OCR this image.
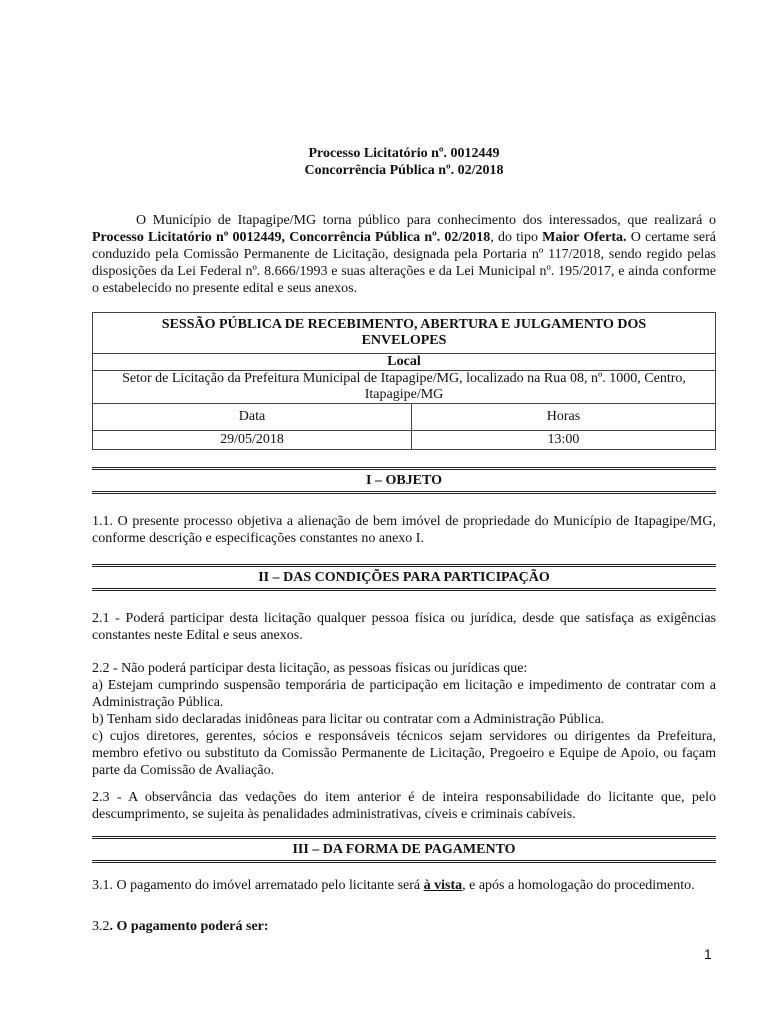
Processo Licitatório nº. 0012449
Concorrência Pública nº. 02/2018
O Município de Itapagipe/MG torna público para conhecimento dos interessados, que realizará o Processo Licitatório nº 0012449, Concorrência Pública nº. 02/2018, do tipo Maior Oferta. O certame será conduzido pela Comissão Permanente de Licitação, designada pela Portaria nº 117/2018, sendo regido pelas disposições da Lei Federal nº. 8.666/1993 e suas alterações e da Lei Municipal nº. 195/2017, e ainda conforme o estabelecido no presente edital e seus anexos.
SESSÃO PÚBLICA DE RECEBIMENTO, ABERTURA E JULGAMENTO DOS ENVELOPES	
Local	
Setor de Licitação da Prefeitura Municipal de Itapagipe/MG, localizado na Rua 08, nº. 1000, Centro, Itapagipe/MG	
Data	Horas
29/05/2018	13:00
I – OBJETO
1.1. O presente processo objetiva a alienação de bem imóvel de propriedade do Município de Itapagipe/MG, conforme descrição e especificações constantes no anexo I.
II – DAS CONDIÇÕES PARA PARTICIPAÇÃO
2.1 - Poderá participar desta licitação qualquer pessoa física ou jurídica, desde que satisfaça as exigências constantes neste Edital e seus anexos.
2.2 - Não poderá participar desta licitação, as pessoas físicas ou jurídicas que:
a) Estejam cumprindo suspensão temporária de participação em licitação e impedimento de contratar com a Administração Pública.
b) Tenham sido declaradas inidôneas para licitar ou contratar com a Administração Pública.
c) cujos diretores, gerentes, sócios e responsáveis técnicos sejam servidores ou dirigentes da Prefeitura, membro efetivo ou substituto da Comissão Permanente de Licitação, Pregoeiro e Equipe de Apoio, ou façam parte da Comissão de Avaliação.
2.3 - A observância das vedações do item anterior é de inteira responsabilidade do licitante que, pelo descumprimento, se sujeita às penalidades administrativas, cíveis e criminais cabíveis.
III – DA FORMA DE PAGAMENTO
3.1. O pagamento do imóvel arrematado pelo licitante será à vista, e após a homologação do procedimento.
3.2. O pagamento poderá ser:
1
